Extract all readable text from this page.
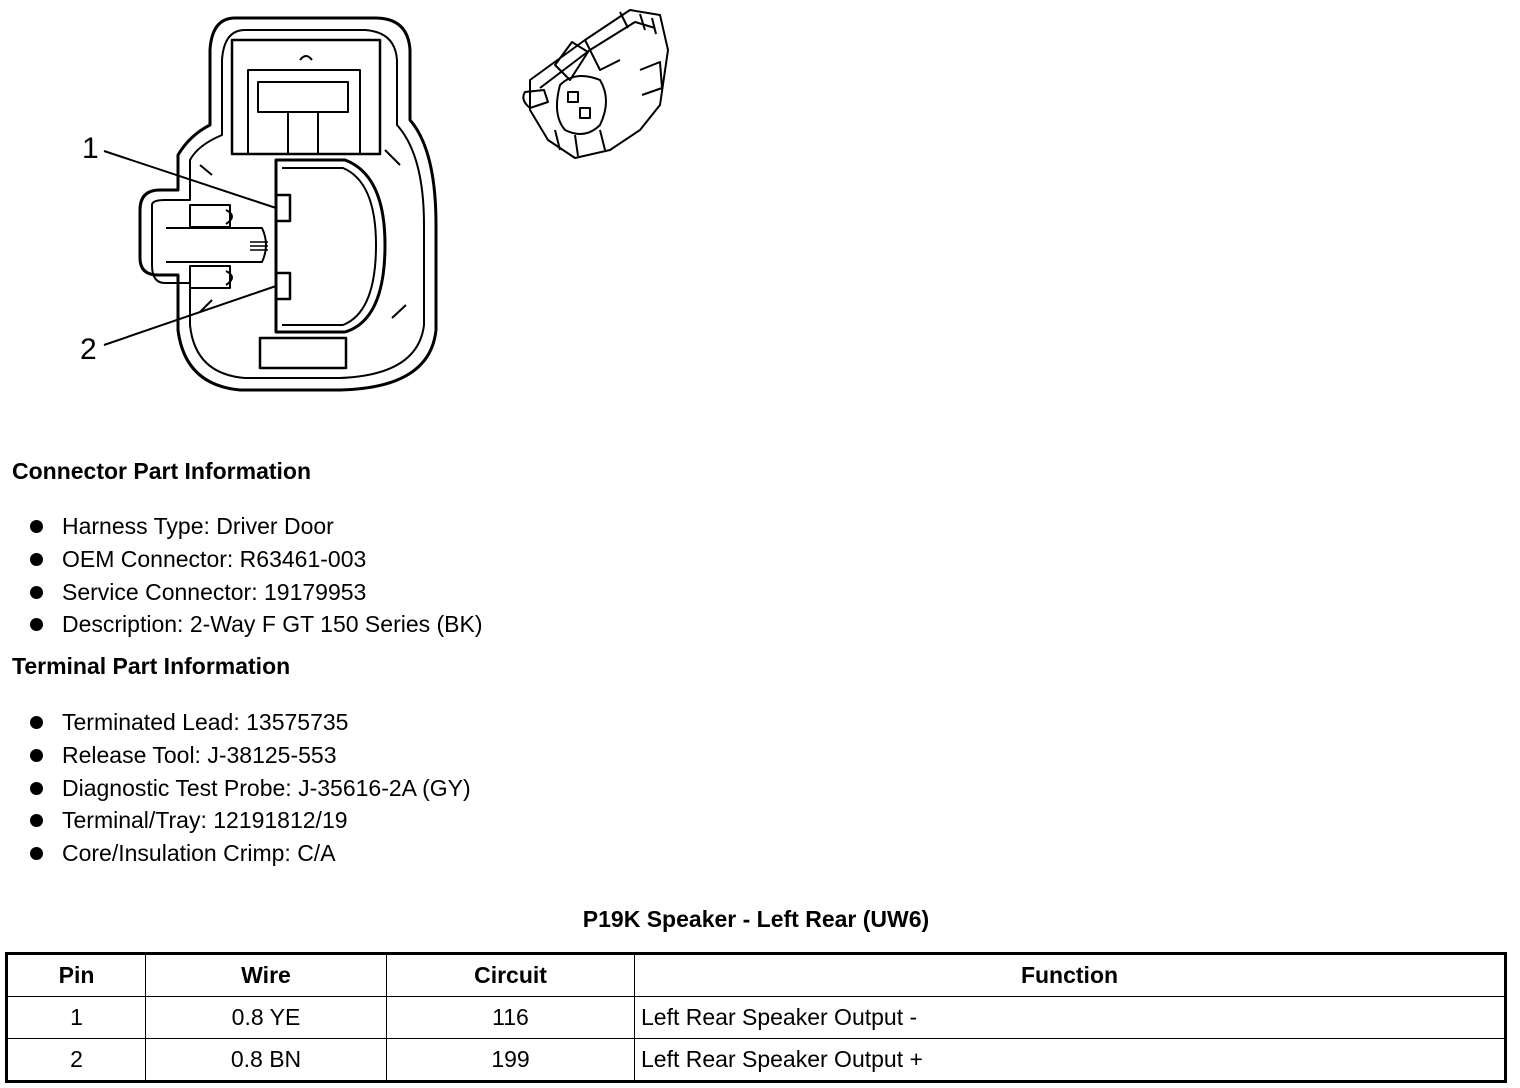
1
2
Connector Part Information
Harness Type: Driver Door
OEM Connector: R63461-003
Service Connector: 19179953
Description: 2-Way F GT 150 Series (BK)
Terminal Part Information
Terminated Lead: 13575735
Release Tool: J-38125-553
Diagnostic Test Probe: J-35616-2A (GY)
Terminal/Tray: 12191812/19
Core/Insulation Crimp: C/A
P19K Speaker - Left Rear (UW6)
Pin	Wire	Circuit	Function
1	0.8 YE	116	Left Rear Speaker Output -
2	0.8 BN	199	Left Rear Speaker Output +
